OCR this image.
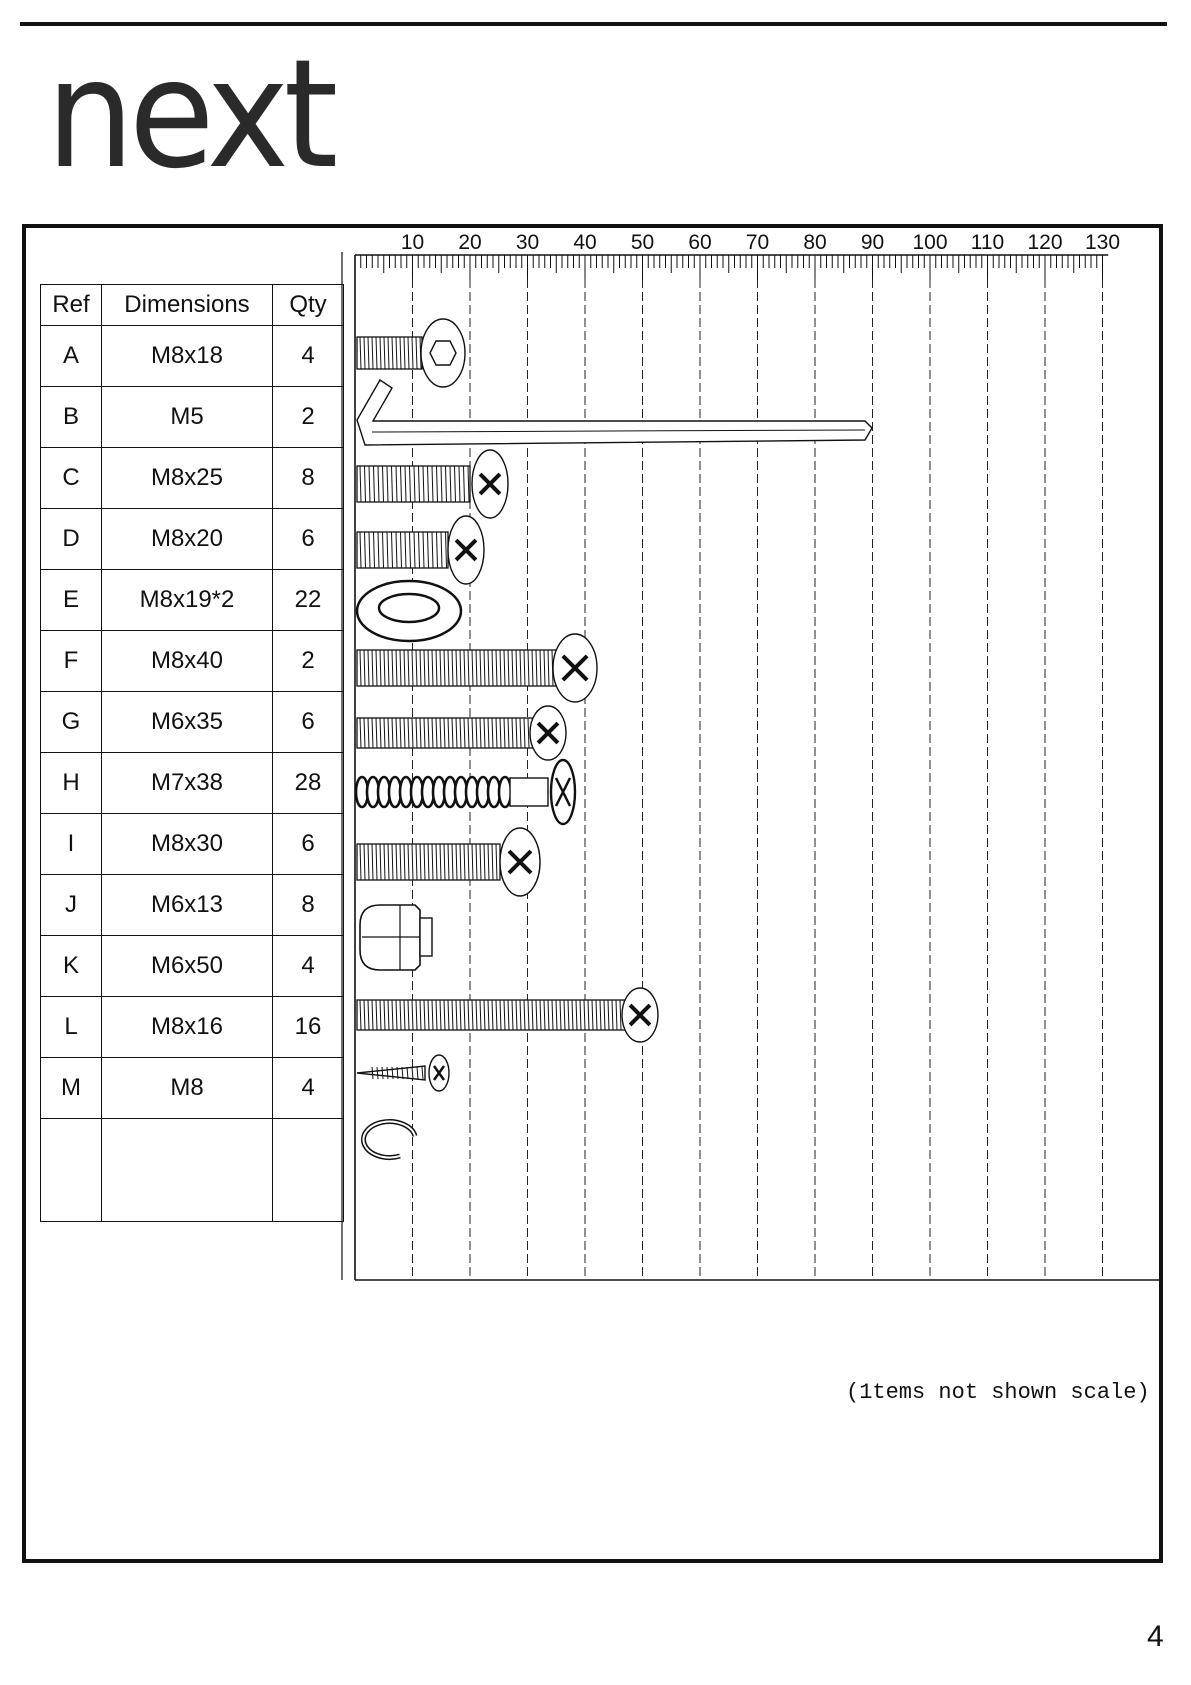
next
10 20 30 40 50 60 70 80 90 100 110 120 130
Ref	Dimensions	Qty
A	M8x18	4
B	M5	2
C	M8x25	8
D	M8x20	6
E	M8x19*2	22
F	M8x40	2
G	M6x35	6
H	M7x38	28
I	M8x30	6
J	M6x13	8
K	M6x50	4
L	M8x16	16
M	M8	4

(1tems not shown scale)
4
